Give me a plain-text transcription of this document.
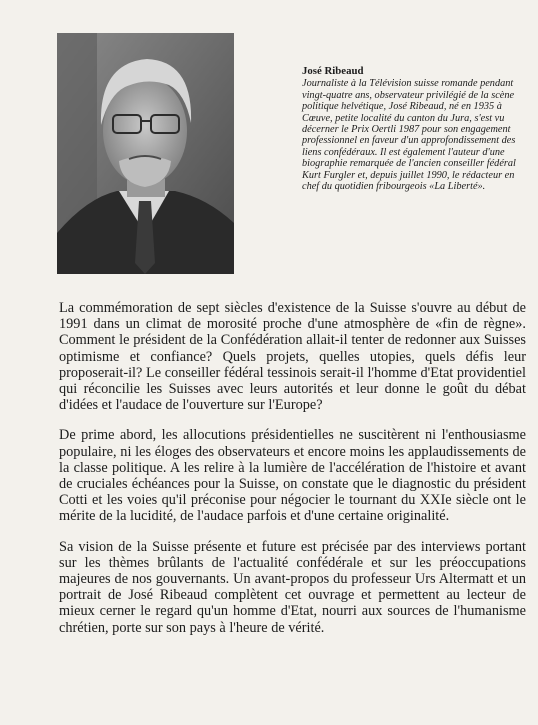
José Ribeaud
Journaliste à la Télévision suisse romande pendant vingt-quatre ans, observateur privilégié de la scène politique helvétique, José Ribeaud, né en 1935 à Cœuve, petite localité du canton du Jura, s'est vu décerner le Prix Oertli 1987 pour son engagement professionnel en faveur d'un approfondissement des liens confédéraux. Il est également l'auteur d'une biographie remarquée de l'ancien conseiller fédéral Kurt Furgler et, depuis juillet 1990, le rédacteur en chef du quotidien fribourgeois «La Liberté».

La commémoration de sept siècles d'existence de la Suisse s'ouvre au début de 1991 dans un climat de morosité proche d'une atmosphère de «fin de règne». Comment le président de la Confédération allait-il tenter de redonner aux Suisses optimisme et confiance? Quels projets, quelles utopies, quels défis leur proposerait-il? Le conseiller fédéral tessinois serait-il l'homme d'Etat providentiel qui réconcilie les Suisses avec leurs autorités et leur donne le goût du débat d'idées et l'audace de l'ouverture sur l'Europe?

De prime abord, les allocutions présidentielles ne suscitèrent ni l'enthousiasme populaire, ni les éloges des observateurs et encore moins les applaudissements de la classe politique. A les relire à la lumière de l'accélération de l'histoire et avant de cruciales échéances pour la Suisse, on constate que le diagnostic du président Cotti et les voies qu'il préconise pour négocier le tournant du XXIe siècle ont le mérite de la lucidité, de l'audace parfois et d'une certaine originalité.

Sa vision de la Suisse présente et future est précisée par des interviews portant sur les thèmes brûlants de l'actualité confédérale et sur les préoccupations majeures de nos gouvernants. Un avant-propos du professeur Urs Altermatt et un portrait de José Ribeaud complètent cet ouvrage et permettent au lecteur de mieux cerner le regard qu'un homme d'Etat, nourri aux sources de l'humanisme chrétien, porte sur son pays à l'heure de vérité.
